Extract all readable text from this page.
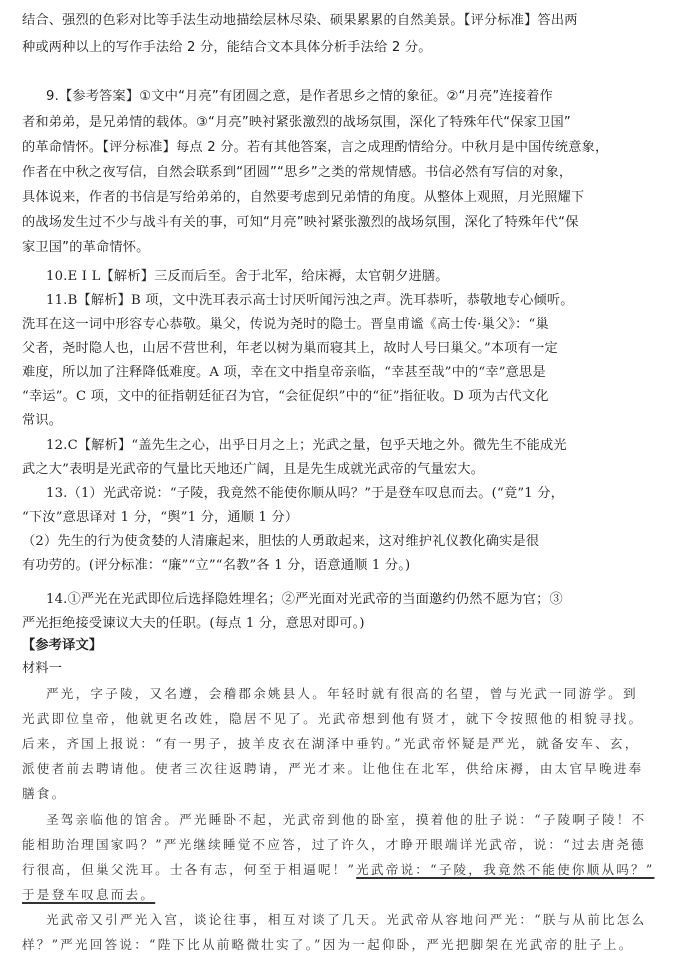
结合、强烈的色彩对比等手法生动地描绘层林尽染、硕果累累的自然美景。【评分标准】答出两
种或两种以上的写作手法给 2 分，能结合文本具体分析手法给 2 分。
9.【参考答案】①文中“月亮”有团圆之意，是作者思乡之情的象征。②“月亮”连接着作
者和弟弟，是兄弟情的载体。③“月亮”映衬紧张激烈的战场氛围，深化了特殊年代“保家卫国”
的革命情怀。【评分标准】每点 2 分。若有其他答案，言之成理酌情给分。中秋月是中国传统意象，
作者在中秋之夜写信，自然会联系到“团圆”“思乡”之类的常规情感。书信必然有写信的对象，
具体说来，作者的书信是写给弟弟的，自然要考虑到兄弟情的角度。从整体上观照，月光照耀下
的战场发生过不少与战斗有关的事，可知“月亮”映衬紧张激烈的战场氛围，深化了特殊年代“保
家卫国”的革命情怀。
10.E I L【解析】三反而后至。舍于北军，给床褥，太官朝夕进膳。
11.B【解析】B 项，文中洗耳表示高士讨厌听闻污浊之声。洗耳恭听，恭敬地专心倾听。
洗耳在这一词中形容专心恭敬。巢父，传说为尧时的隐士。晋皇甫谧《高士传·巢父》：“巢
父者，尧时隐人也，山居不营世利，年老以树为巢而寝其上，故时人号曰巢父。”本项有一定
难度，所以加了注释降低难度。A 项，幸在文中指皇帝亲临，“幸甚至哉”中的“幸”意思是
“幸运”。C 项，文中的征指朝廷征召为官，“会征促织”中的“征”指征收。D 项为古代文化
常识。
12.C【解析】“盖先生之心，出乎日月之上；光武之量，包乎天地之外。微先生不能成光
武之大”表明是光武帝的气量比天地还广阔，且是先生成就光武帝的气量宏大。
13.（1）光武帝说：“子陵，我竟然不能使你顺从吗？”于是登车叹息而去。(“竟”1 分，
“下汝”意思译对 1 分，“舆”1 分，通顺 1 分）
（2）先生的行为使贪婪的人清廉起来，胆怯的人勇敢起来，这对维护礼仪教化确实是很
有功劳的。(评分标准：“廉”“立”“名教”各 1 分，语意通顺 1 分。)
14.①严光在光武即位后选择隐姓埋名；②严光面对光武帝的当面邀约仍然不愿为官；③
严光拒绝接受谏议大夫的任职。(每点 1 分，意思对即可。)
【参考译文】
材料一
严光，字子陵，又名遵，会稽郡余姚县人。年轻时就有很高的名望，曾与光武一同游学。到
光武即位皇帝，他就更名改姓，隐居不见了。光武帝想到他有贤才，就下令按照他的相貌寻找。
后来，齐国上报说：“有一男子，披羊皮衣在湖泽中垂钓。”光武帝怀疑是严光，就备安车、玄，
派使者前去聘请他。使者三次往返聘请，严光才来。让他住在北军，供给床褥，由太官早晚进奉
膳食。
圣驾亲临他的馆舍。严光睡卧不起，光武帝到他的卧室，摸着他的肚子说：“子陵啊子陵！不
能相助治理国家吗？”严光继续睡觉不应答，过了许久，才睁开眼端详光武帝，说：“过去唐尧德
行很高，但巢父洗耳。士各有志，何至于相逼呢！”光武帝说：“子陵，我竟然不能使你顺从吗？”
于是登车叹息而去。
光武帝又引严光入宫，谈论往事，相互对谈了几天。光武帝从容地问严光：“朕与从前比怎么
样？”严光回答说：“陛下比从前略微壮实了。”因为一起仰卧，严光把脚架在光武帝的肚子上。
